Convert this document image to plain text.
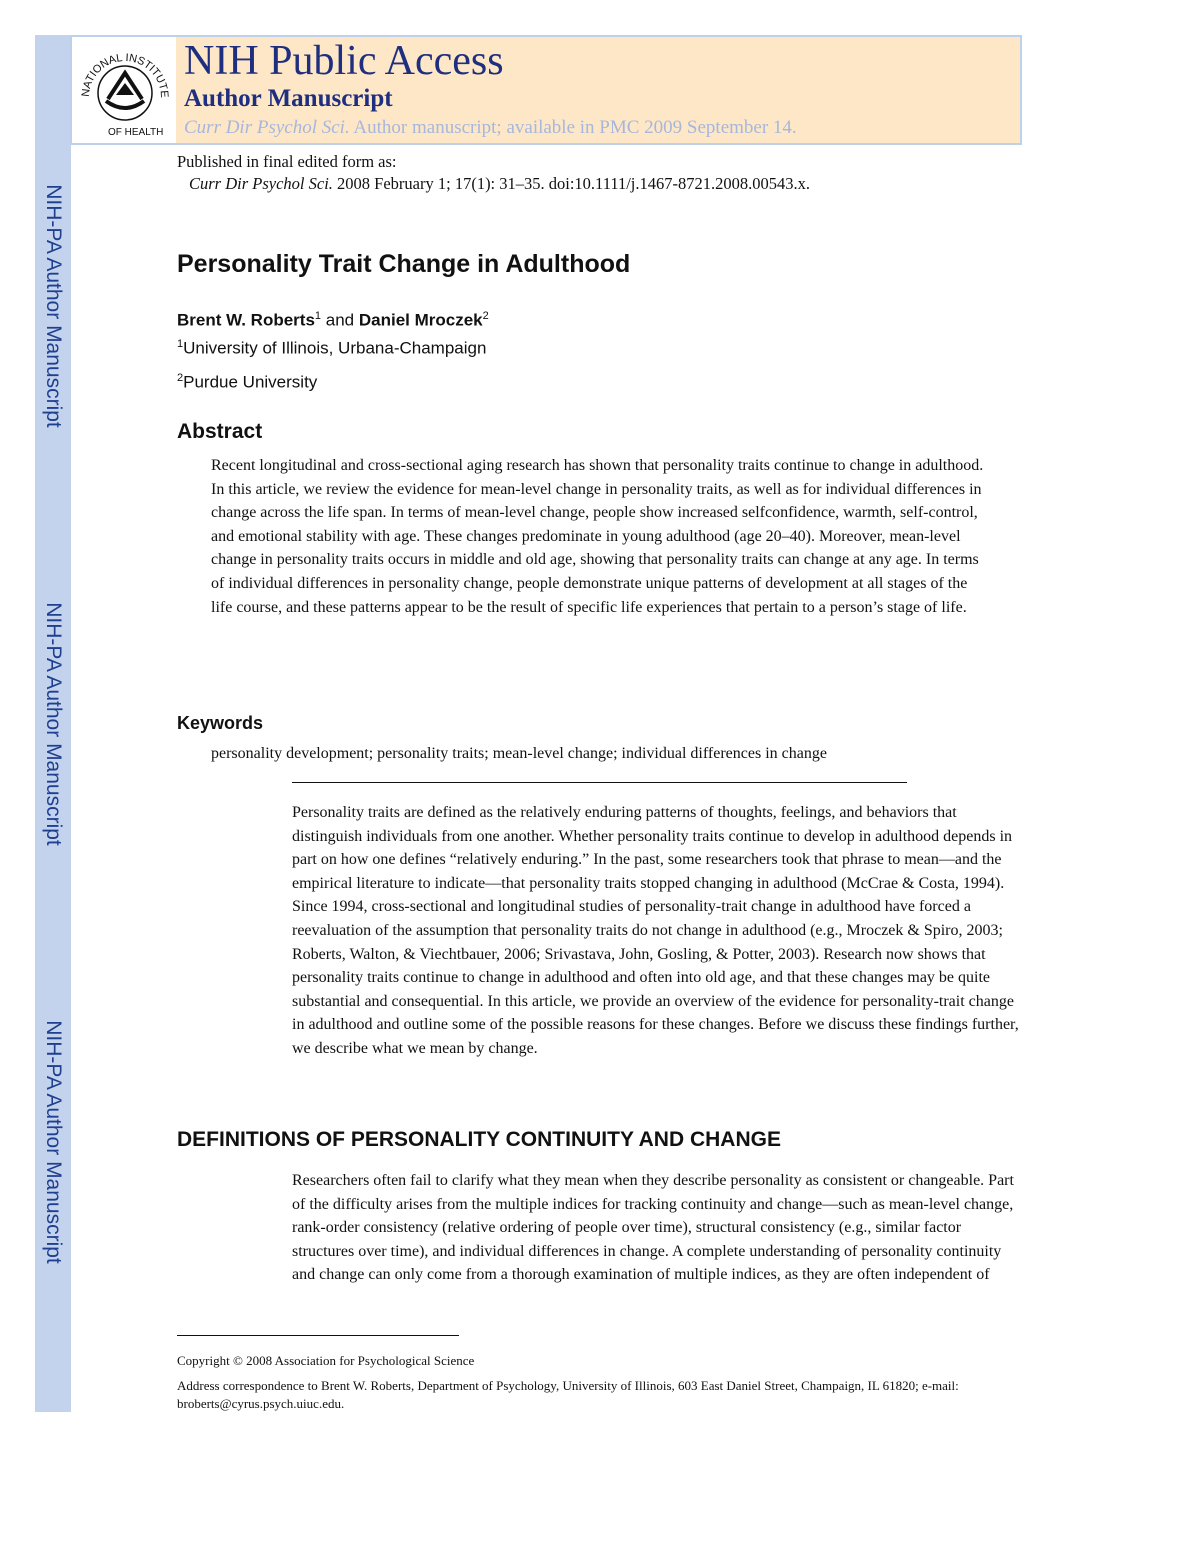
NIH-PA Author Manuscript
NIH-PA Author Manuscript
NIH-PA Author Manuscript
NATIONAL INSTITUTE
OF HEALTH
NIH Public Access
Author Manuscript
Curr Dir Psychol Sci. Author manuscript; available in PMC 2009 September 14.
Published in final edited form as:
Curr Dir Psychol Sci. 2008 February 1; 17(1): 31–35. doi:10.1111/j.1467-8721.2008.00543.x.
Personality Trait Change in Adulthood
Brent W. Roberts$^1$ and Daniel Mroczek$^2$
$^1$University of Illinois, Urbana-Champaign
$^2$Purdue University
Abstract
Recent longitudinal and cross-sectional aging research has shown that personality traits continue to change in adulthood. In this article, we review the evidence for mean-level change in personality traits, as well as for individual differences in change across the life span. In terms of mean-level change, people show increased selfconfidence, warmth, self-control, and emotional stability with age. These changes predominate in young adulthood (age 20–40). Moreover, mean-level change in personality traits occurs in middle and old age, showing that personality traits can change at any age. In terms of individual differences in personality change, people demonstrate unique patterns of development at all stages of the life course, and these patterns appear to be the result of specific life experiences that pertain to a person’s stage of life.
Keywords
personality development; personality traits; mean-level change; individual differences in change
Personality traits are defined as the relatively enduring patterns of thoughts, feelings, and behaviors that distinguish individuals from one another. Whether personality traits continue to develop in adulthood depends in part on how one defines “relatively enduring.” In the past, some researchers took that phrase to mean—and the empirical literature to indicate—that personality traits stopped changing in adulthood (McCrae & Costa, 1994). Since 1994, cross-sectional and longitudinal studies of personality-trait change in adulthood have forced a reevaluation of the assumption that personality traits do not change in adulthood (e.g., Mroczek & Spiro, 2003; Roberts, Walton, & Viechtbauer, 2006; Srivastava, John, Gosling, & Potter, 2003). Research now shows that personality traits continue to change in adulthood and often into old age, and that these changes may be quite substantial and consequential. In this article, we provide an overview of the evidence for personality-trait change in adulthood and outline some of the possible reasons for these changes. Before we discuss these findings further, we describe what we mean by change.
DEFINITIONS OF PERSONALITY CONTINUITY AND CHANGE
Researchers often fail to clarify what they mean when they describe personality as consistent or changeable. Part of the difficulty arises from the multiple indices for tracking continuity and change—such as mean-level change, rank-order consistency (relative ordering of people over time), structural consistency (e.g., similar factor structures over time), and individual differences in change. A complete understanding of personality continuity and change can only come from a thorough examination of multiple indices, as they are often independent of
Copyright © 2008 Association for Psychological Science
Address correspondence to Brent W. Roberts, Department of Psychology, University of Illinois, 603 East Daniel Street, Champaign, IL 61820; e-mail: broberts@cyrus.psych.uiuc.edu.
